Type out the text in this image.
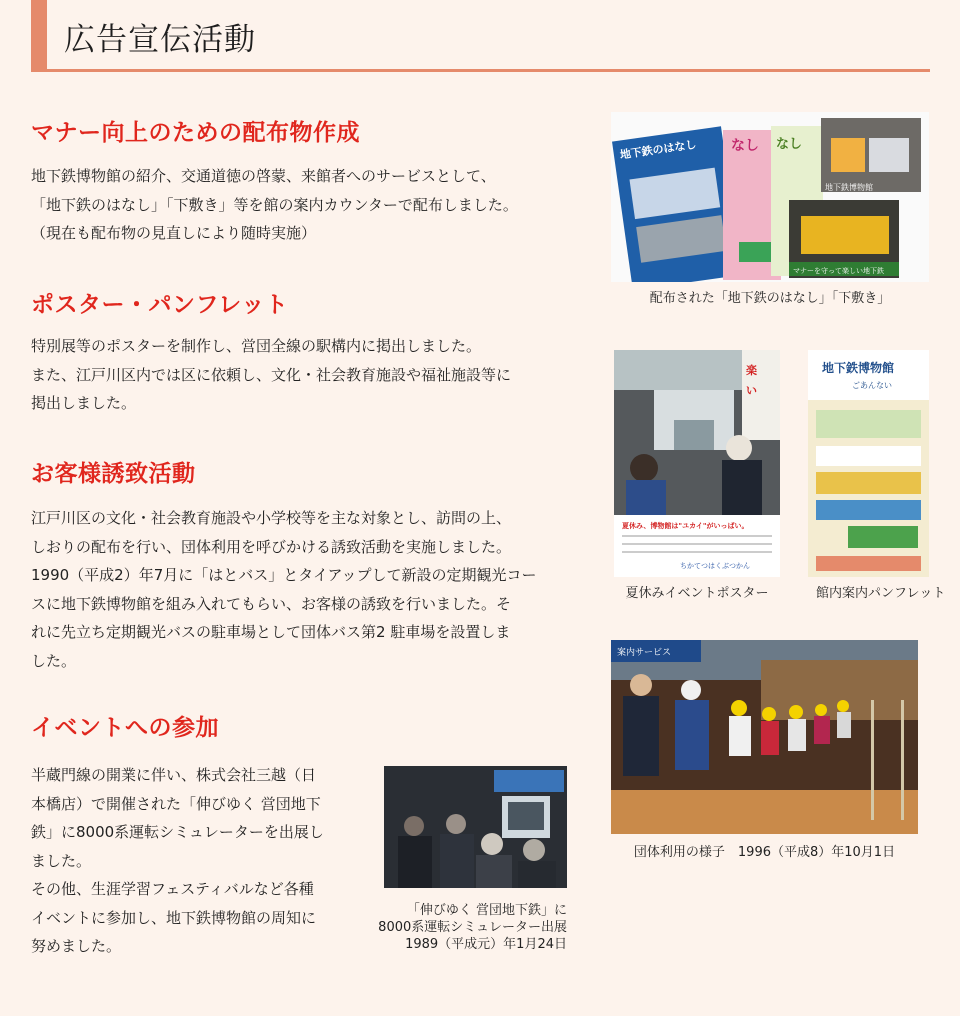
広告宣伝活動
マナー向上のための配布物作成
地下鉄博物館の紹介、交通道徳の啓蒙、来館者へのサービスとして、
「地下鉄のはなし」「下敷き」等を館の案内カウンターで配布しました。
（現在も配布物の見直しにより随時実施）
ポスター・パンフレット
特別展等のポスターを制作し、営団全線の駅構内に掲出しました。
また、江戸川区内では区に依頼し、文化・社会教育施設や福祉施設等に
掲出しました。
お客様誘致活動
江戸川区の文化・社会教育施設や小学校等を主な対象とし、訪問の上、
しおりの配布を行い、団体利用を呼びかける誘致活動を実施しました。
1990（平成2）年7月に「はとバス」とタイアップして新設の定期観光コー
スに地下鉄博物館を組み入れてもらい、お客様の誘致を行いました。そ
れに先立ち定期観光バスの駐車場として団体バス第2 駐車場を設置しま
した。
イベントへの参加
半蔵門線の開業に伴い、株式会社三越（日
本橋店）で開催された「伸びゆく 営団地下
鉄」に8000系運転シミュレーターを出展し
ました。
その他、生涯学習フェスティバルなど各種
イベントに参加し、地下鉄博物館の周知に
努めました。
地下鉄のはなし なし なし
地下鉄博物館
マナーを守って楽しい地下鉄
配布された「地下鉄のはなし」「下敷き」
楽
い
夏休み、博物館は"ユカイ"がいっぱい。
ちかてつはくぶつかん
夏休みイベントポスター
地下鉄博物館
ごあんない
館内案内パンフレット
案内サービス
団体利用の様子　1996（平成8）年10月1日
「伸びゆく 営団地下鉄」に
8000系運転シミュレーター出展
1989（平成元）年1月24日
